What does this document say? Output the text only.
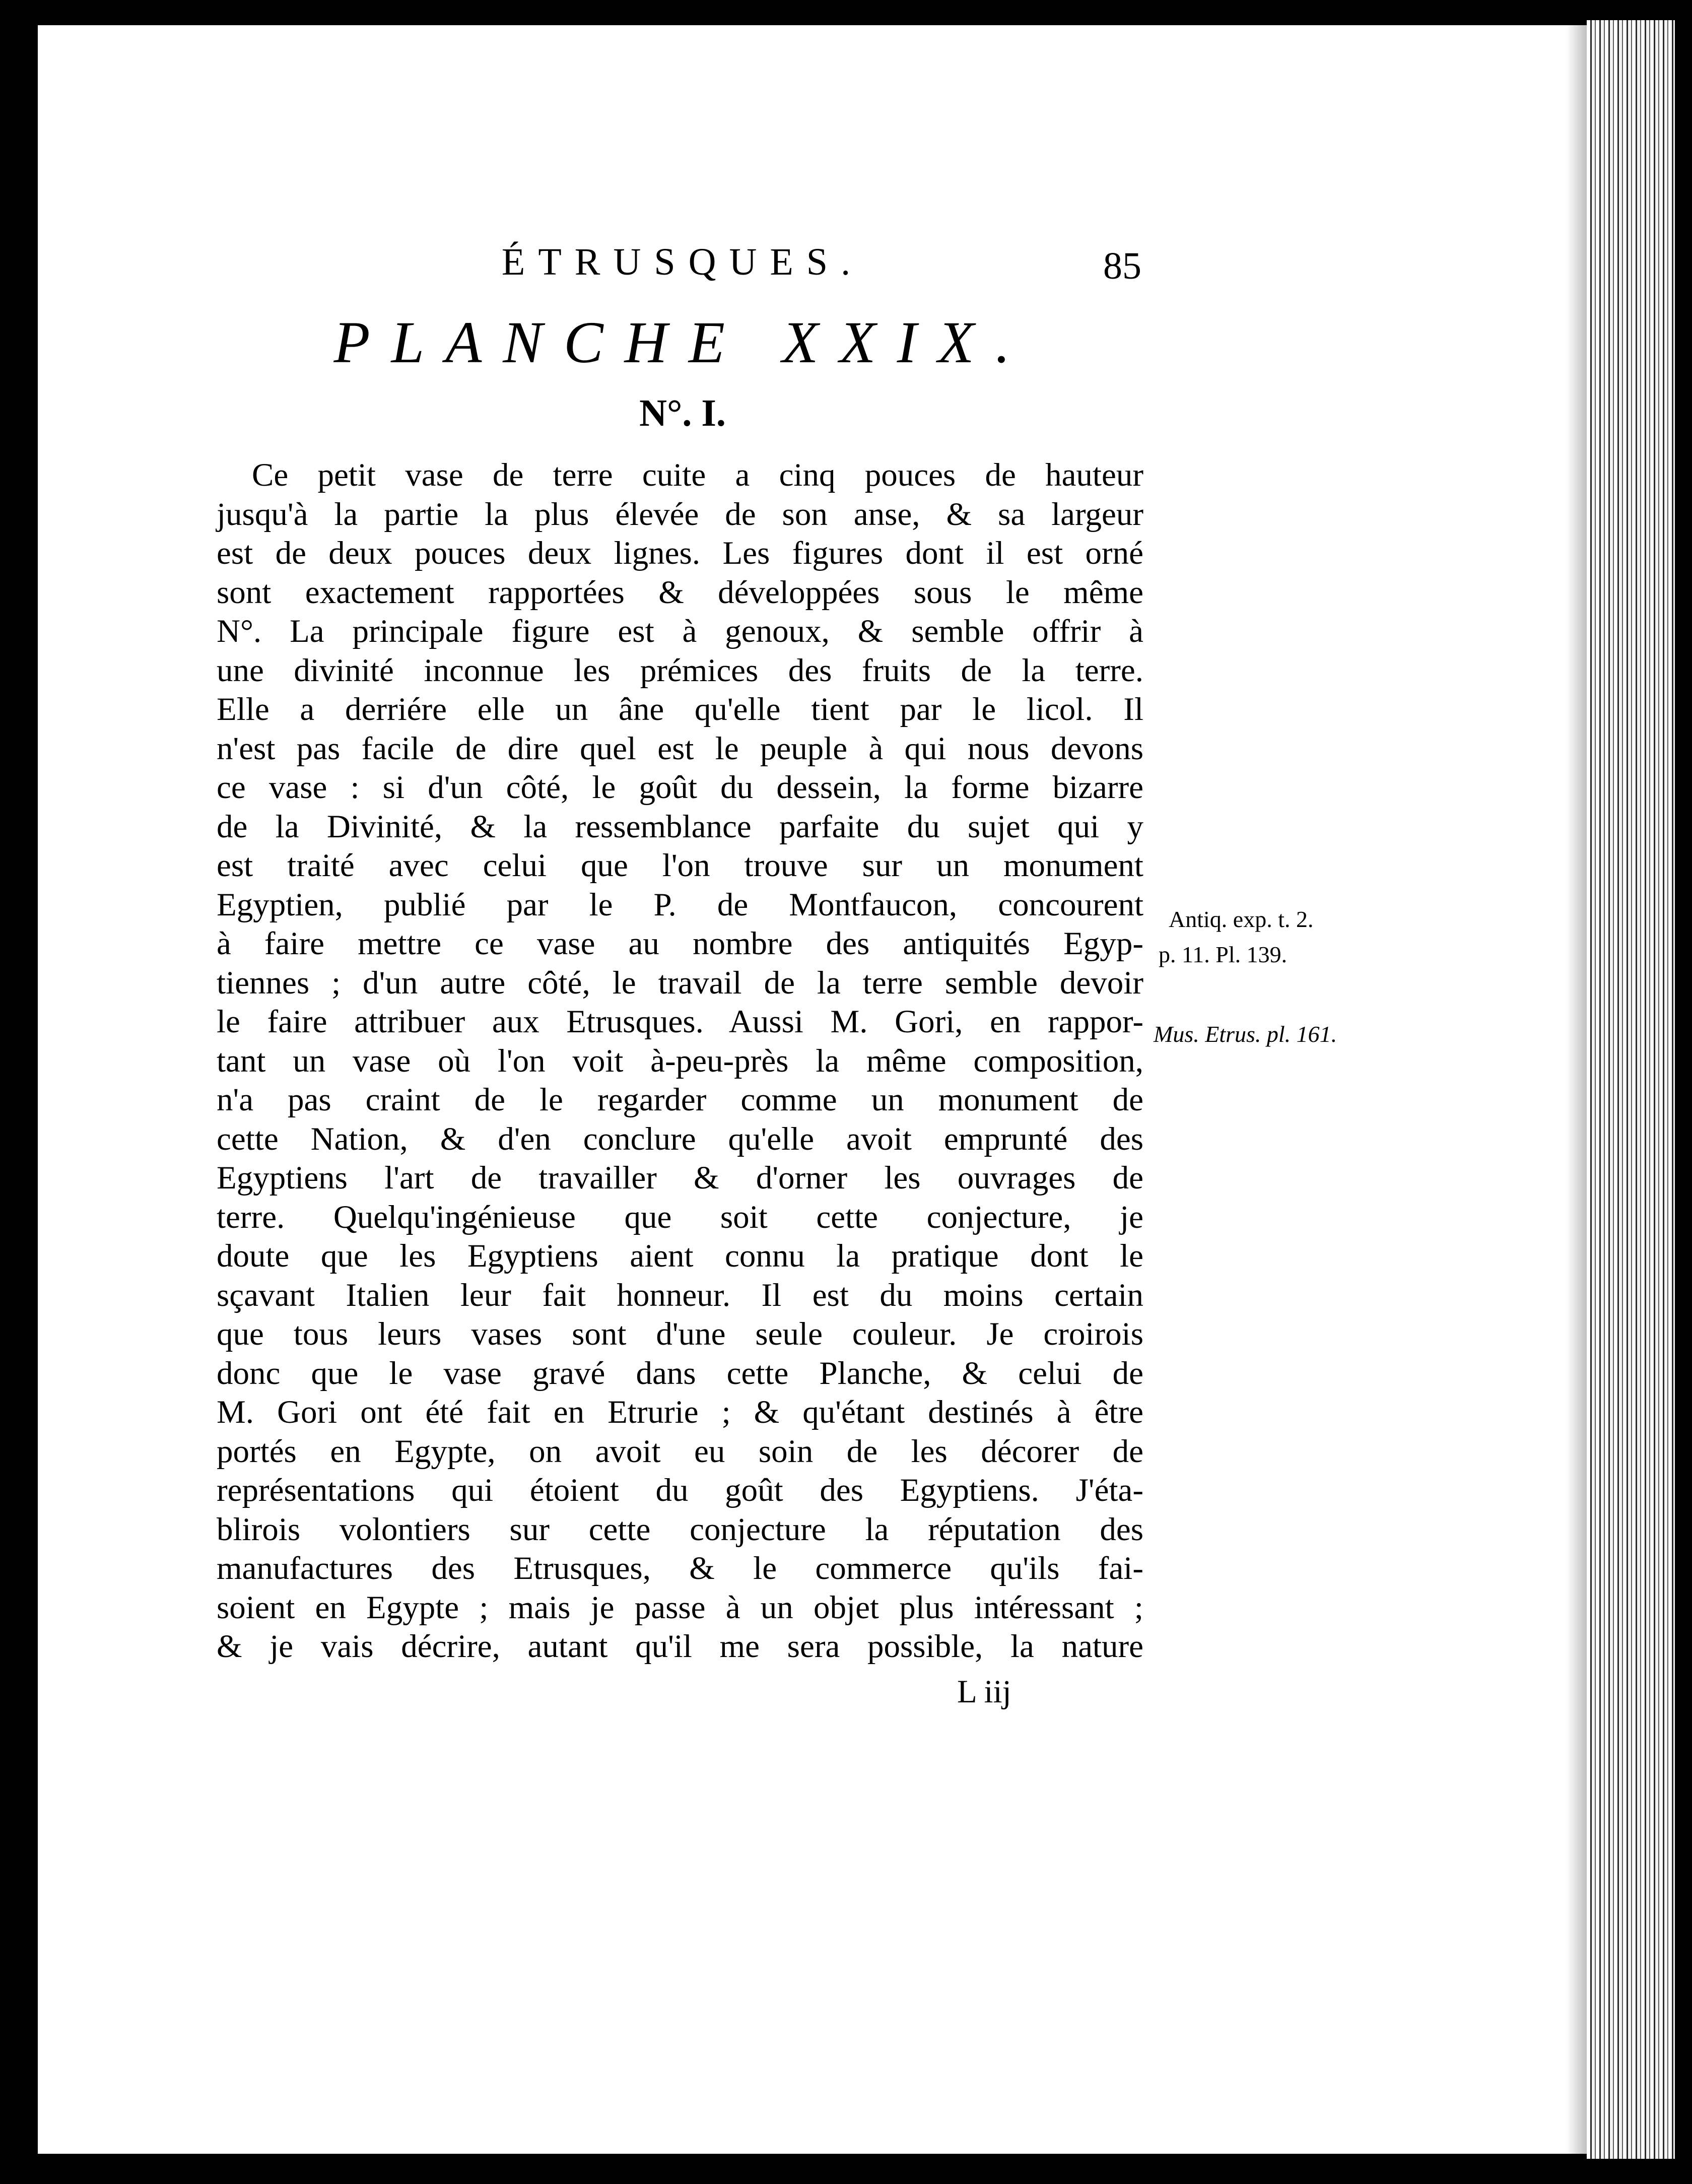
ÉTRUSQUES.	85
PLANCHE XXIX.
N°. I.
Ce petit vase de terre cuite a cinq pouces de hauteur
jusqu'à la partie la plus élevée de son anse, & sa largeur
est de deux pouces deux lignes. Les figures dont il est orné
sont exactement rapportées & développées sous le même
N°. La principale figure est à genoux, & semble offrir à
une divinité inconnue les prémices des fruits de la terre.
Elle a derriére elle un âne qu'elle tient par le licol. Il
n'est pas facile de dire quel est le peuple à qui nous devons
ce vase : si d'un côté, le goût du dessein, la forme bizarre
de la Divinité, & la ressemblance parfaite du sujet qui y
est traité avec celui que l'on trouve sur un monument
Egyptien, publié par le P. de Montfaucon, concourent
à faire mettre ce vase au nombre des antiquités Egyp-
tiennes ; d'un autre côté, le travail de la terre semble devoir
le faire attribuer aux Etrusques. Aussi M. Gori, en rappor-
tant un vase où l'on voit à-peu-près la même composition,
n'a pas craint de le regarder comme un monument de
cette Nation, & d'en conclure qu'elle avoit emprunté des
Egyptiens l'art de travailler & d'orner les ouvrages de
terre. Quelqu'ingénieuse que soit cette conjecture, je
doute que les Egyptiens aient connu la pratique dont le
sçavant Italien leur fait honneur. Il est du moins certain
que tous leurs vases sont d'une seule couleur. Je croirois
donc que le vase gravé dans cette Planche, & celui de
M. Gori ont été fait en Etrurie ; & qu'étant destinés à être
portés en Egypte, on avoit eu soin de les décorer de
représentations qui étoient du goût des Egyptiens. J'éta-
blirois volontiers sur cette conjecture la réputation des
manufactures des Etrusques, & le commerce qu'ils fai-
soient en Egypte ; mais je passe à un objet plus intéressant ;
& je vais décrire, autant qu'il me sera possible, la nature
Antiq. exp. t. 2.
p. 11. Pl. 139.
Mus. Etrus. pl. 161.
L iij
